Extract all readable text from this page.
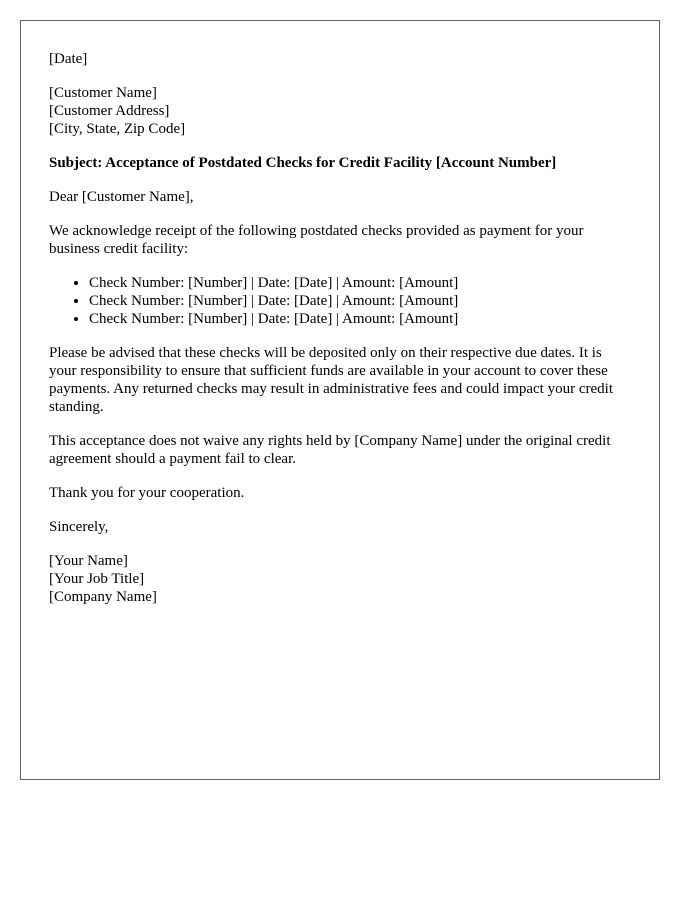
[Date]
[Customer Name]
[Customer Address]
[City, State, Zip Code]
Subject: Acceptance of Postdated Checks for Credit Facility [Account Number]

Dear [Customer Name],

We acknowledge receipt of the following postdated checks provided as payment for your business credit facility:

• Check Number: [Number] | Date: [Date] | Amount: [Amount]
• Check Number: [Number] | Date: [Date] | Amount: [Amount]
• Check Number: [Number] | Date: [Date] | Amount: [Amount]

Please be advised that these checks will be deposited only on their respective due dates. It is your responsibility to ensure that sufficient funds are available in your account to cover these payments. Any returned checks may result in administrative fees and could impact your credit standing.

This acceptance does not waive any rights held by [Company Name] under the original credit agreement should a payment fail to clear.

Thank you for your cooperation.

Sincerely,

[Your Name]
[Your Job Title]
[Company Name]
